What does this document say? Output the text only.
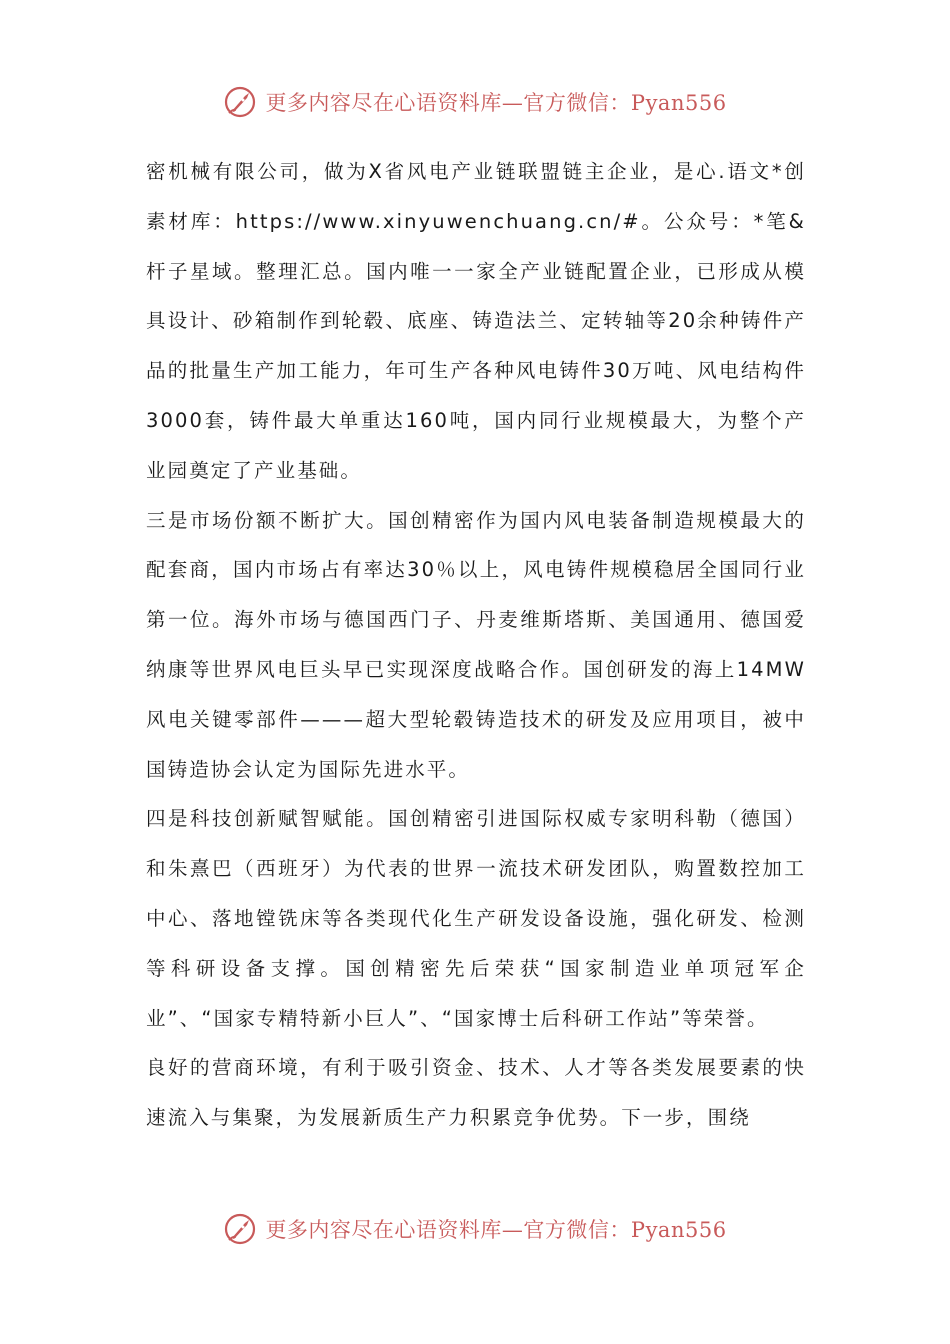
更多内容尽在心语资料库—官方微信：Pyan556

密机械有限公司，做为X省风电产业链联盟链主企业，是心.语文*创素材库：https://www.xinyuwenchuang.cn/#。公众号：*笔&杆子星域。整理汇总。国内唯一一家全产业链配置企业，已形成从模具设计、砂箱制作到轮毂、底座、铸造法兰、定转轴等20余种铸件产品的批量生产加工能力，年可生产各种风电铸件30万吨、风电结构件3000套，铸件最大单重达160吨，国内同行业规模最大，为整个产业园奠定了产业基础。

三是市场份额不断扩大。国创精密作为国内风电装备制造规模最大的配套商，国内市场占有率达30％以上，风电铸件规模稳居全国同行业第一位。海外市场与德国西门子、丹麦维斯塔斯、美国通用、德国爱纳康等世界风电巨头早已实现深度战略合作。国创研发的海上14MW风电关键零部件———超大型轮毂铸造技术的研发及应用项目，被中国铸造协会认定为国际先进水平。

四是科技创新赋智赋能。国创精密引进国际权威专家明科勒（德国）和朱熹巴（西班牙）为代表的世界一流技术研发团队，购置数控加工中心、落地镗铣床等各类现代化生产研发设备设施，强化研发、检测等科研设备支撑。国创精密先后荣获“国家制造业单项冠军企业”、“国家专精特新小巨人”、“国家博士后科研工作站”等荣誉。

良好的营商环境，有利于吸引资金、技术、人才等各类发展要素的快速流入与集聚，为发展新质生产力积累竞争优势。下一步，围绕

更多内容尽在心语资料库—官方微信：Pyan556
